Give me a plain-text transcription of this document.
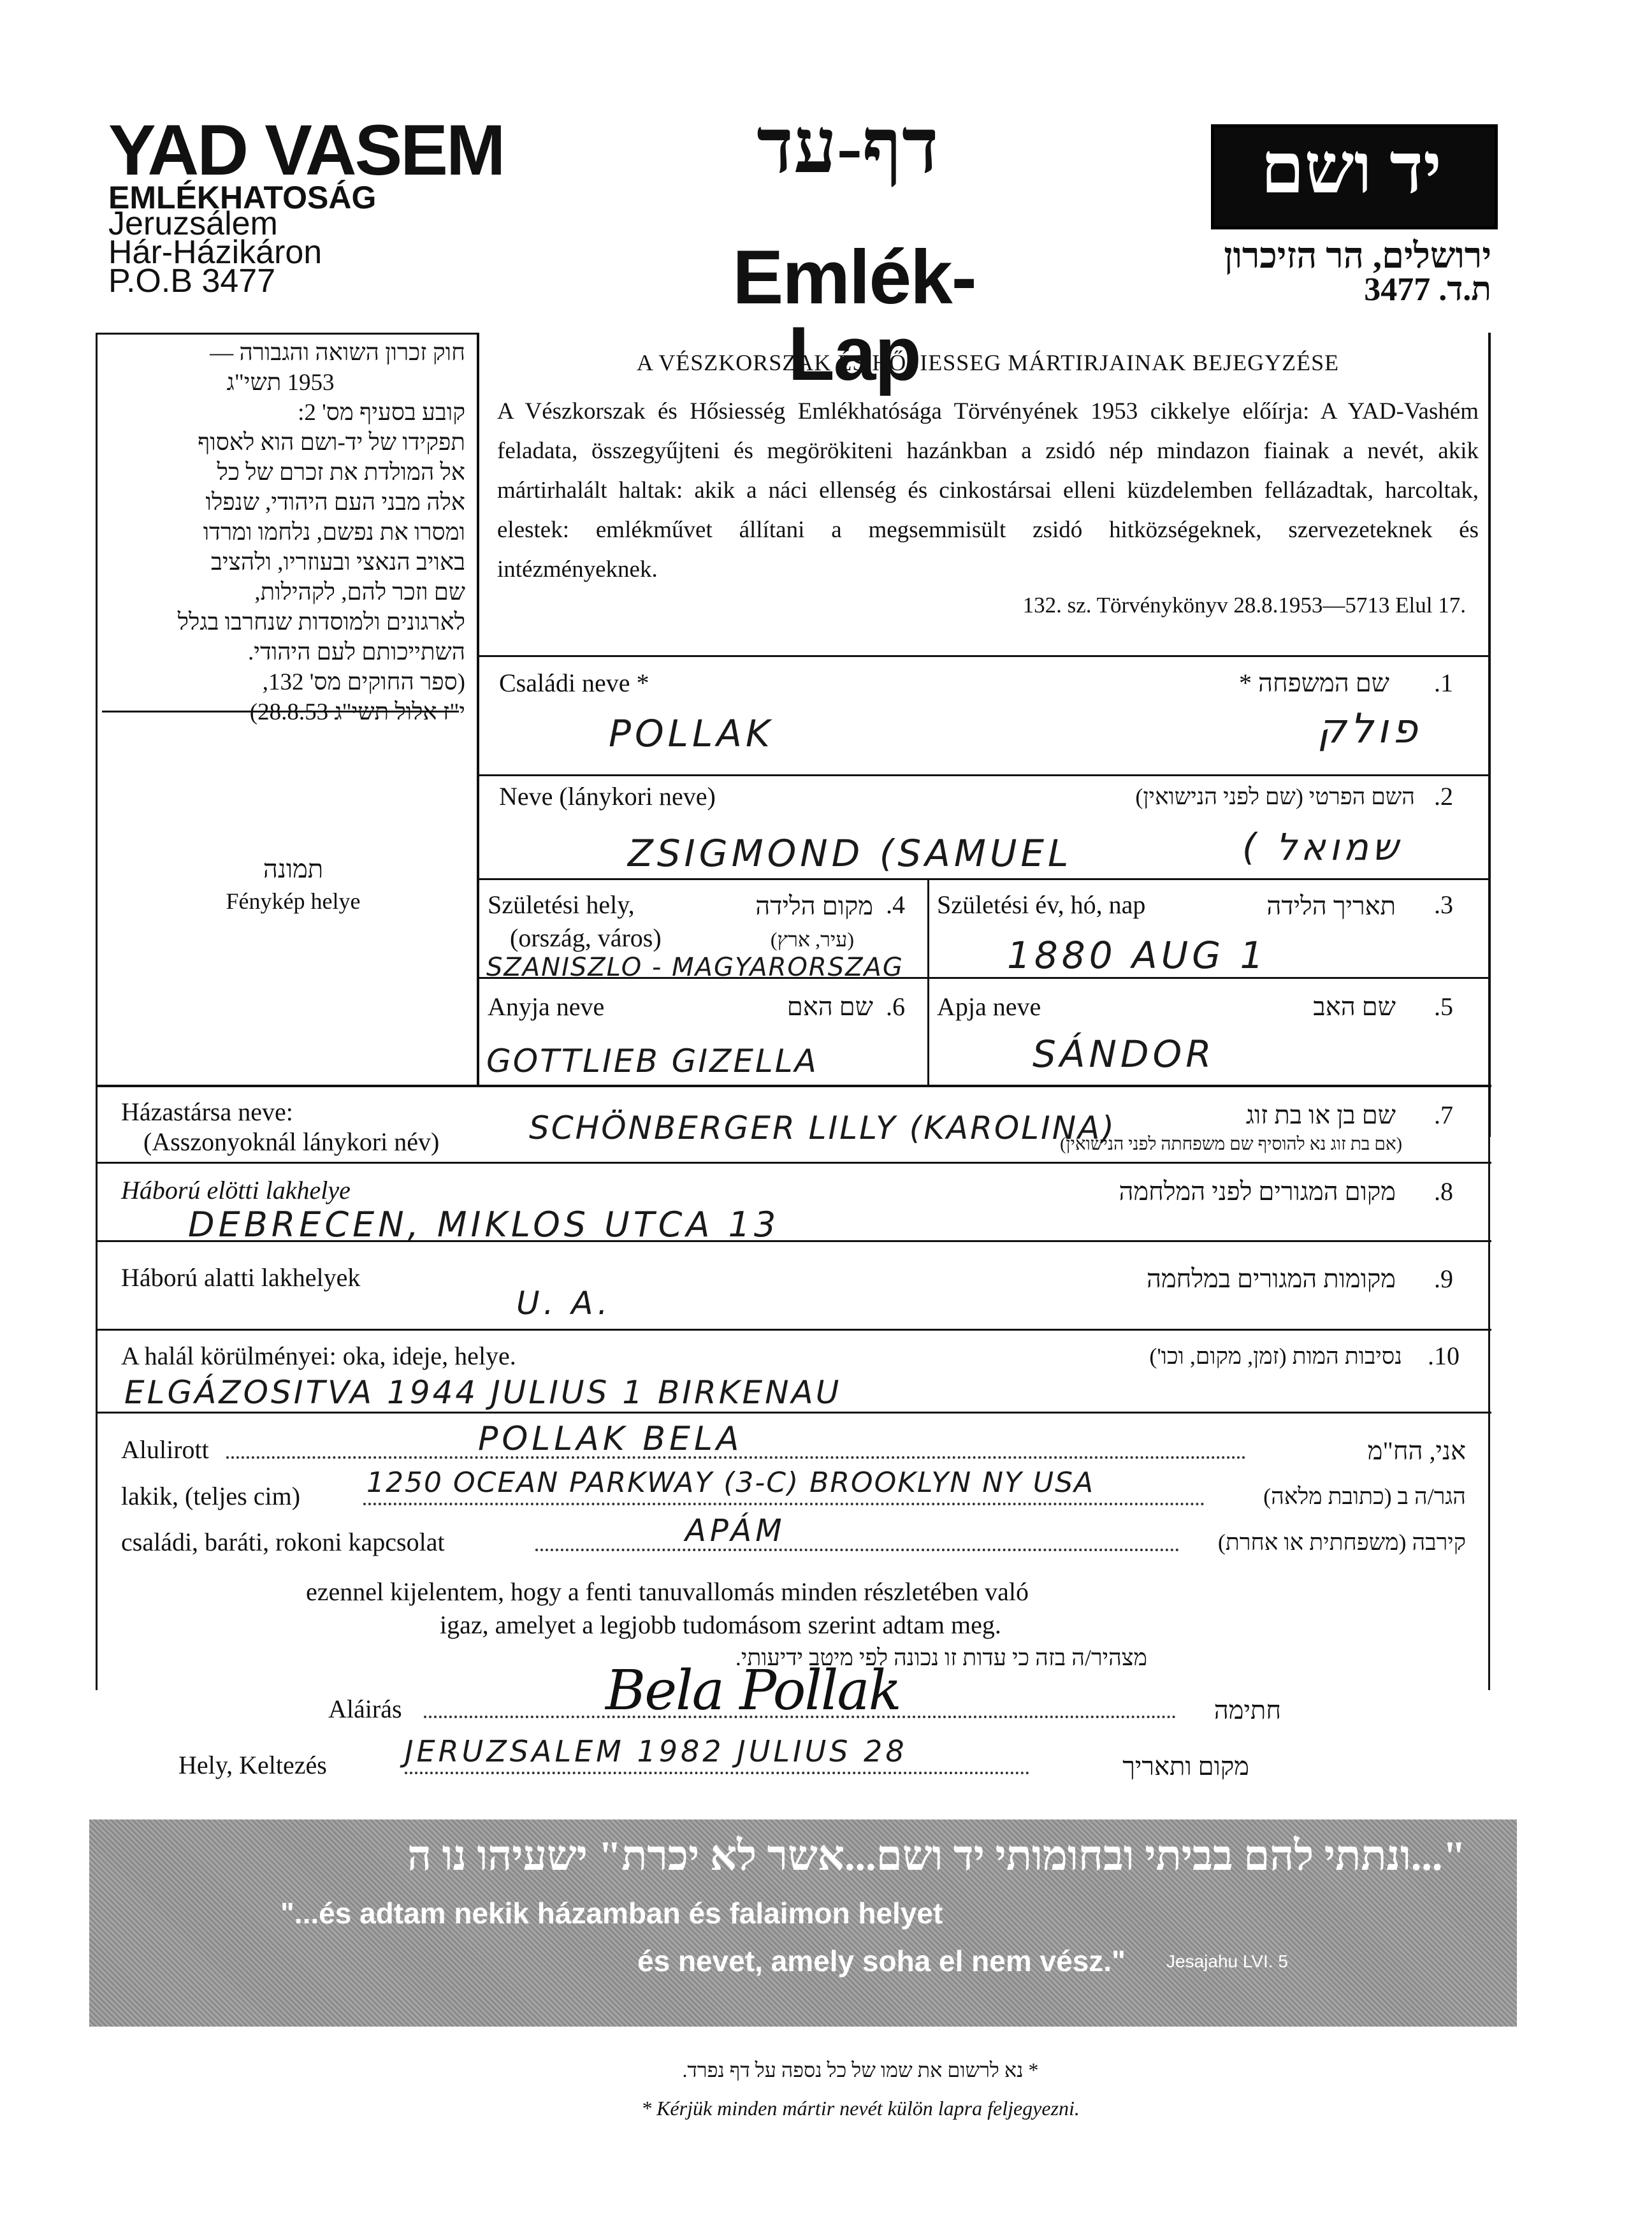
YAD VASEM
EMLÉKHATOSÁG
Jeruzsálem
Hár-Házikáron
P.O.B 3477
דף-עד
Emlék-Lap
יד ושם
ירושלים, הר הזיכרון
ת.ד. 3477
חוק זכרון השואה והגבורה —
1953 תשי"ג
קובע בסעיף מס' 2:
תפקידו של יד-ושם הוא לאסוף
אל המולדת את זכרם של כל
אלה מבני העם היהודי, שנפלו
ומסרו את נפשם, נלחמו ומרדו
באויב הנאצי ובעוזריו, ולהציב
שם וזכר להם, לקהילות,
לארגונים ולמוסדות שנחרבו בגלל
השתייכותם לעם היהודי.
(ספר החוקים מס' 132,
י"ז אלול תשי"ג 28.8.53)
תמונה
Fénykép helye
A VÉSZKORSZAK ÉS HŐSIESSEG MÁRTIRJAINAK BEJEGYZÉSE
A Vészkorszak és Hősiesség Emlékhatósága Törvényének 1953 cikkelye előírja: A YAD-Vashém feladata, összegyűjteni és megörökiteni hazánkban a zsidó nép mindazon fiainak a nevét, akik mártirhalált haltak: akik a náci ellenség és cinkostársai elleni küzdelemben fellázadtak, harcoltak, elestek: emlékművet állítani a megsemmisült zsidó hitközségeknek, szervezeteknek és intézményeknek.
132. sz. Törvénykönyv 28.8.1953—5713 Elul 17.
Családi neve *	שם המשפחה * .1
POLLAK	פולק
Neve (lánykori neve)	השם הפרטי (שם לפני הנישואין) .2
ZSIGMOND (SAMUEL	שמואל )
Születési hely,	מקום הלידה .4
(ország, város)	(עיר, ארץ)
SZANISZLO - MAGYARORSZAG
Születési év, hó, nap	תאריך הלידה .3
1880 AUG 1
Anyja neve	שם האם .6
GOTTLIEB GIZELLA
Apja neve	שם האב .5
SÁNDOR
Házastársa neve:
(Asszonyoknál lánykori név)	SCHÖNBERGER LILLY (KAROLINA)	שם בן או בת זוג .7
(אם בת זוג נא להוסיף שם משפחתה לפני הנישואין)
Háború elötti lakhelye	מקום המגורים לפני המלחמה .8
DEBRECEN, MIKLOS UTCA 13
Háború alatti lakhelyek	מקומות המגורים במלחמה .9
U. A.
A halál körülményei: oka, ideje, helye.	נסיבות המות (זמן, מקום, וכו') .10
ELGÁZOSITVA 1944 JULIUS 1 BIRKENAU
Alulirott	POLLAK BELA	אני, הח"מ
lakik, (teljes cim) 1250 OCEAN PARKWAY (3-C) BROOKLYN NY USA	הגר/ה ב (כתובת מלאה)
családi, baráti, rokoni kapcsolat	APÁM	קירבה (משפחתית או אחרת)
ezennel kijelentem, hogy a fenti tanuvallomás minden részletében való
igaz, amelyet a legjobb tudomásom szerint adtam meg.
מצהיר/ה בזה כי עדות זו נכונה לפי מיטב ידיעותי.
Aláirás	Bela Pollak	חתימה
Hely, Keltezés	JERUZSALEM 1982 JULIUS 28	מקום ותאריך
"...ונתתי להם בביתי ובחומותי יד ושם...אשר לא יכרת" ישעיהו נו ה
"...és adtam nekik házamban és falaimon helyet
és nevet, amely soha el nem vész." Jesajahu LVI. 5
* נא לרשום את שמו של כל נספה על דף נפרד.
* Kérjük minden mártir nevét külön lapra feljegyezni.
